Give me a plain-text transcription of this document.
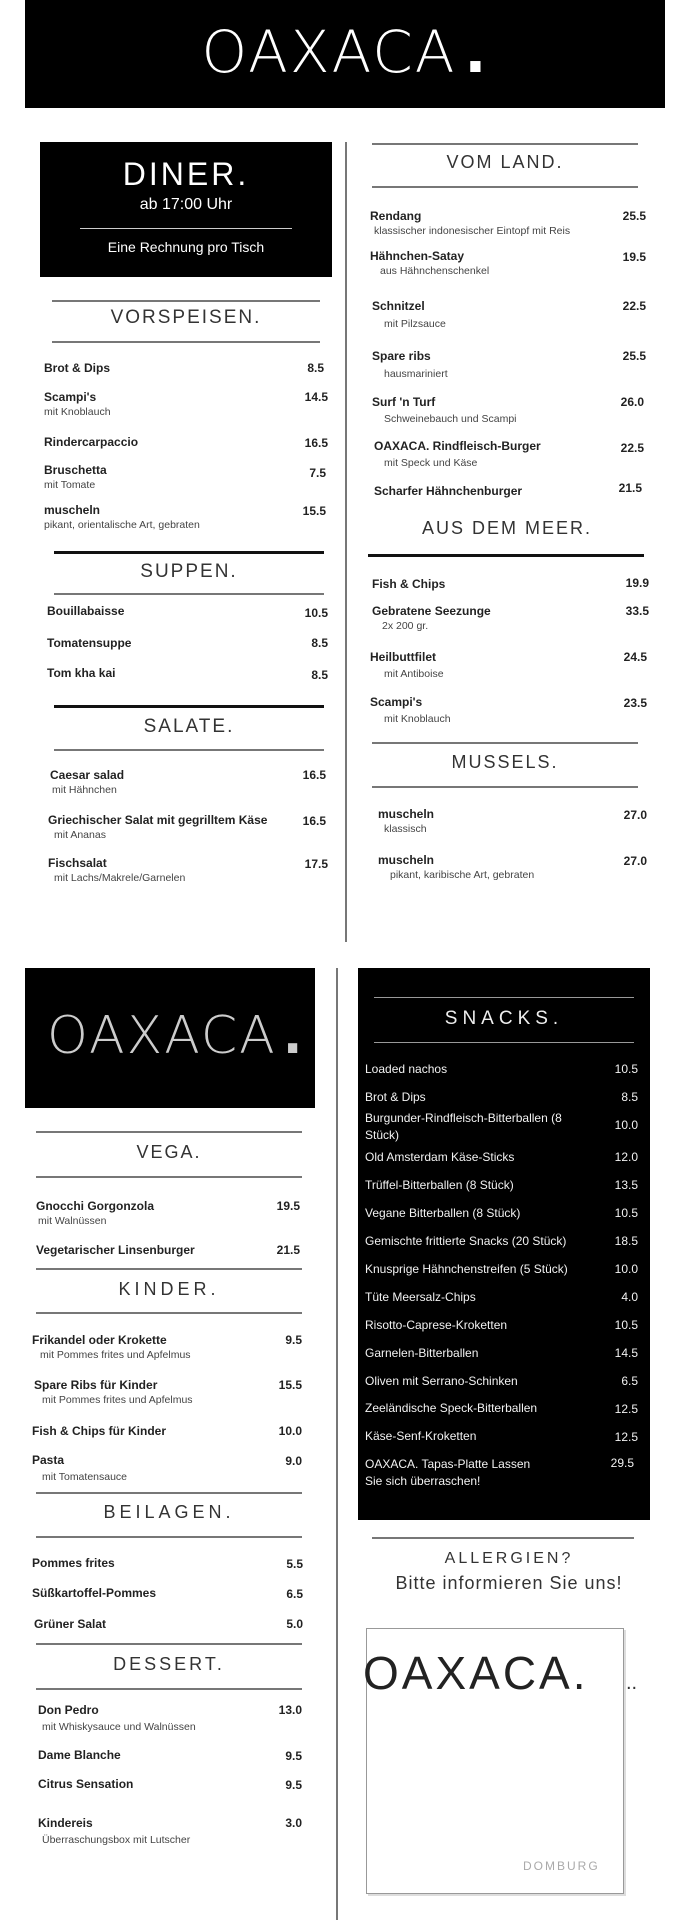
OAXACA .
DINER.
ab 17:00 Uhr
Eine Rechnung pro Tisch
VORSPEISEN.
Brot & Dips	8.5
Scampi's
mit Knoblauch
14.5
Rindercarpaccio	16.5
Bruschetta
mit Tomate
7.5
muscheln
pikant, orientalische Art, gebraten
15.5
SUPPEN.
Bouillabaisse	10.5
Tomatensuppe	8.5
Tom kha kai	8.5
SALATE.
Caesar salad
mit Hähnchen
16.5
Griechischer Salat mit gegrilltem Käse
mit Ananas
16.5
Fischsalat
mit Lachs/Makrele/Garnelen
17.5
VOM LAND.
Rendang
klassischer indonesischer Eintopf mit Reis
25.5
Hähnchen-Satay
aus Hähnchenschenkel
19.5
Schnitzel
mit Pilzsauce
22.5
Spare ribs
hausmariniert
25.5
Surf 'n Turf
Schweinebauch und Scampi
26.0
OAXACA. Rindfleisch-Burger
mit Speck und Käse
22.5
Scharfer Hähnchenburger	21.5
AUS DEM MEER.
Fish & Chips	19.9
Gebratene Seezunge
2x 200 gr.
33.5
Heilbuttfilet
mit Antiboise
24.5
Scampi's
mit Knoblauch
23.5
MUSSELS.
muscheln
klassisch
27.0
muscheln
pikant, karibische Art, gebraten
27.0
OAXACA .
VEGA.
Gnocchi Gorgonzola
mit Walnüssen
19.5
Vegetarischer Linsenburger	21.5
KINDER.
Frikandel oder Krokette
mit Pommes frites und Apfelmus
9.5
Spare Ribs für Kinder
mit Pommes frites und Apfelmus
15.5
Fish & Chips für Kinder	10.0
Pasta
mit Tomatensauce
9.0
BEILAGEN.
Pommes frites	5.5
Süßkartoffel-Pommes	6.5
Grüner Salat	5.0
DESSERT.
Don Pedro
mit Whiskysauce und Walnüssen
13.0
Dame Blanche	9.5
Citrus Sensation	9.5
Kindereis
Überraschungsbox mit Lutscher
3.0
SNACKS.
Loaded nachos	10.5
Brot & Dips	8.5
Burgunder-Rindfleisch-Bitterballen (8 Stück)
10.0
Old Amsterdam Käse-Sticks	12.0
Trüffel-Bitterballen (8 Stück)	13.5
Vegane Bitterballen (8 Stück)	10.5
Gemischte frittierte Snacks (20 Stück)	18.5
Knusprige Hähnchenstreifen (5 Stück)	10.0
Tüte Meersalz-Chips	4.0
Risotto-Caprese-Kroketten	10.5
Garnelen-Bitterballen	14.5
Oliven mit Serrano-Schinken	6.5
Zeeländische Speck-Bitterballen	12.5
Käse-Senf-Kroketten	12.5
OAXACA. Tapas-Platte Lassen Sie sich überraschen!
29.5
ALLERGIEN?
Bitte informieren Sie uns!
OAXACA.
DOMBURG
..
